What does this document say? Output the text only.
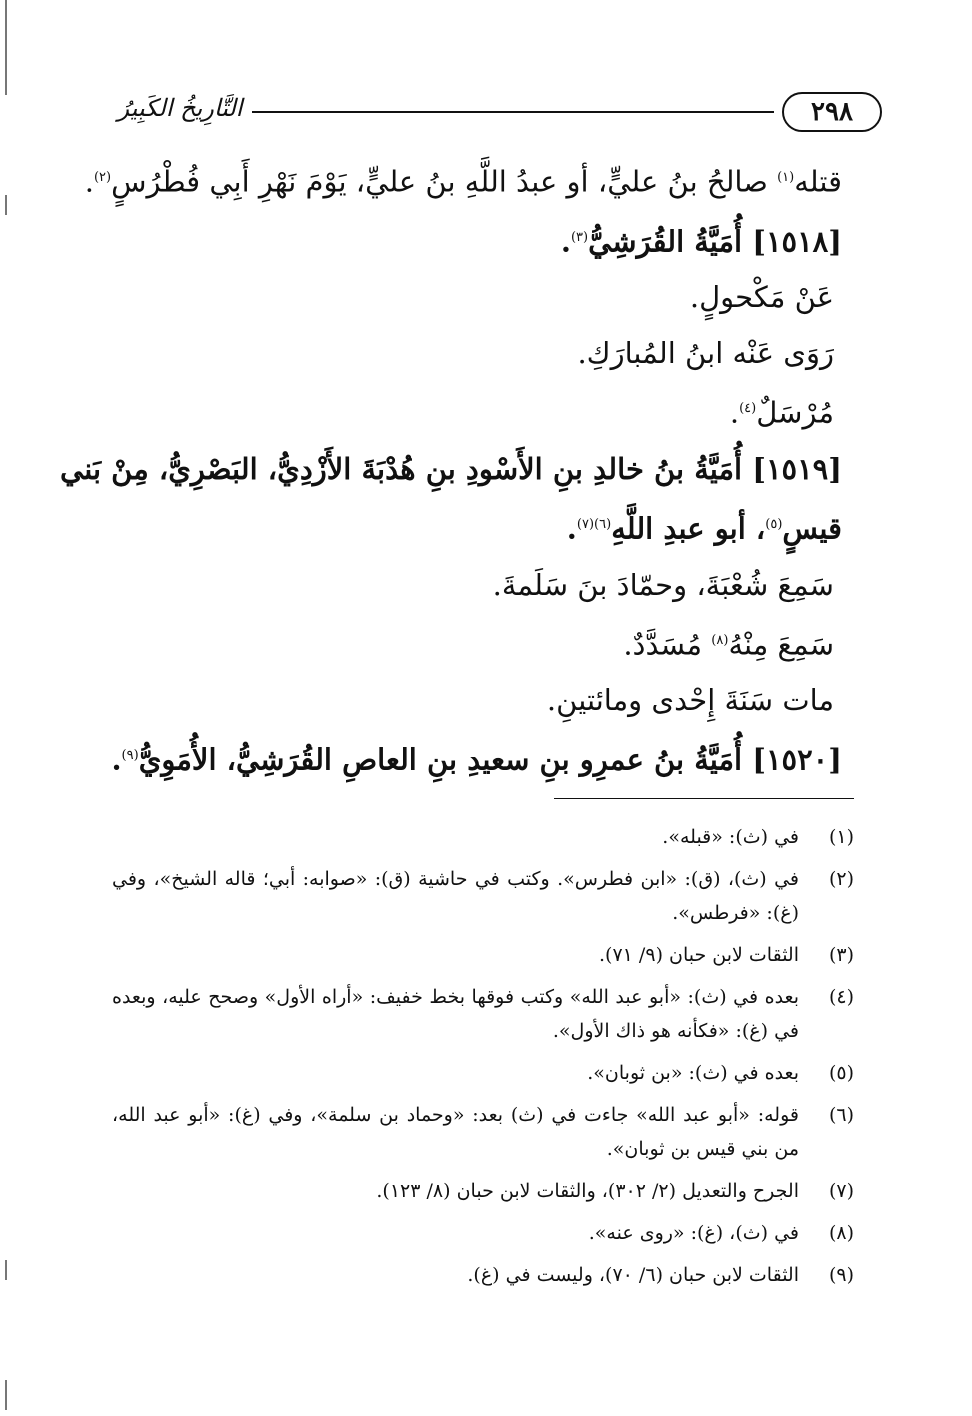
٢٩٨
التَّارِيخُ الكَبِيرُ

قتله$^{(١)}$ صالحُ بنُ عليٍّ، أو عبدُ اللَّهِ بنُ عليٍّ، يَوْمَ نَهْرِ أَبِي فُطْرُسٍ$^{(٢)}$.

[١٥١٨] أُمَيَّةُ القُرَشِيُّ$^{(٣)}$.

عَنْ مَكْحولٍ.

رَوَى عَنْه ابنُ المُبارَكِ.

مُرْسَلٌ$^{(٤)}$.

[١٥١٩] أُمَيَّةُ بنُ خالدِ بنِ الأَسْودِ بنِ هُدْبَةَ الأَزْدِيُّ، البَصْرِيُّ، مِنْ بَني

قيسٍ$^{(٥)}$، أبو عبدِ اللَّهِ$^{(٦)(٧)}$.

سَمِعَ شُعْبَةَ، وحمّادَ بنَ سَلَمةَ.

سَمِعَ مِنْهُ$^{(٨)}$ مُسَدَّدٌ.

مات سَنَةَ إِحْدى ومائتينِ.

[١٥٢٠] أُمَيَّةُ بنُ عمرِو بنِ سعيدِ بنِ العاصِ القُرَشِيُّ، الأُمَوِيُّ$^{(٩)}$.

(١)
في (ث): «قبله».
(٢)
في (ث)، (ق): «ابن فطرس». وكتب في حاشية (ق): «صوابه: أبي؛ قاله الشيخ»، وفي (غ): «فرطس».
(٣)
الثقات لابن حبان (٩/ ٧١).
(٤)
بعده في (ث): «أبو عبد الله» وكتب فوقها بخط خفيف: «أراه الأول» وصحح عليه، وبعده في (غ): «فكأنه هو ذاك الأول».
(٥)
بعده في (ث): «بن ثوبان».
(٦)
قوله: «أبو عبد الله» جاءت في (ث) بعد: «وحماد بن سلمة»، وفي (غ): «أبو عبد الله، من بني قيس بن ثوبان».
(٧)
الجرح والتعديل (٢/ ٣٠٢)، والثقات لابن حبان (٨/ ١٢٣).
(٨)
في (ث)، (غ): «روى عنه».
(٩)
الثقات لابن حبان (٦/ ٧٠)، وليست في (غ).
